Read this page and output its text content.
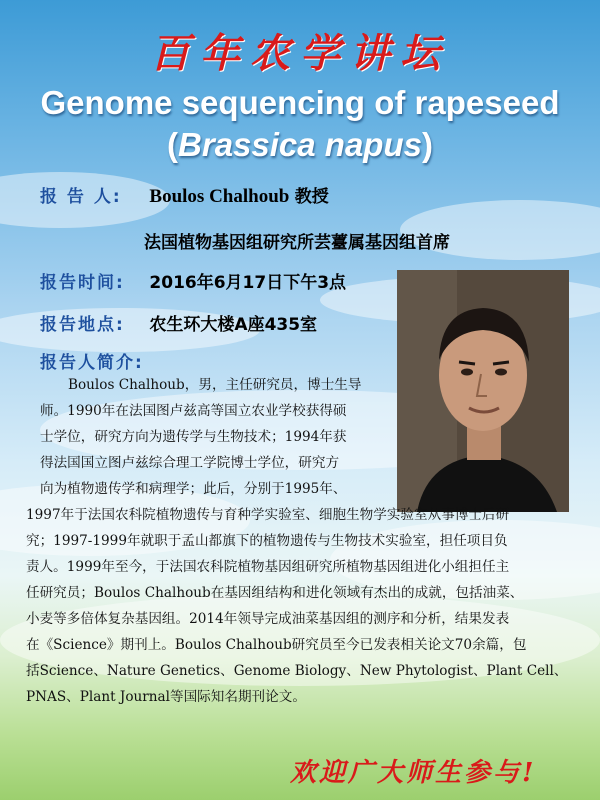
百年农学讲坛
Genome sequencing of rapeseed
(Brassica napus)
报 告 人: Boulos Chalhoub 教授
法国植物基因组研究所芸薹属基因组首席
报告时间: 2016年6月17日下午3点
报告地点: 农生环大楼A座435室
报告人简介:
Boulos Chalhoub，男，主任研究员，博士生导
师。1990年在法国图卢兹高等国立农业学校获得硕
士学位，研究方向为遗传学与生物技术；1994年获
得法国国立图卢兹综合理工学院博士学位，研究方
向为植物遗传学和病理学；此后，分别于1995年、
1997年于法国农科院植物遗传与育种学实验室、细胞生物学实验室从事博士后研
究；1997-1999年就职于孟山都旗下的植物遗传与生物技术实验室，担任项目负
责人。1999年至今，于法国农科院植物基因组研究所植物基因组进化小组担任主
任研究员；Boulos Chalhoub在基因组结构和进化领域有杰出的成就，包括油菜、
小麦等多倍体复杂基因组。2014年领导完成油菜基因组的测序和分析，结果发表
在《Science》期刊上。Boulos Chalhoub研究员至今已发表相关论文70余篇，包
括Science、Nature Genetics、Genome Biology、New Phytologist、Plant Cell、
PNAS、Plant Journal等国际知名期刊论文。
欢迎广大师生参与!
